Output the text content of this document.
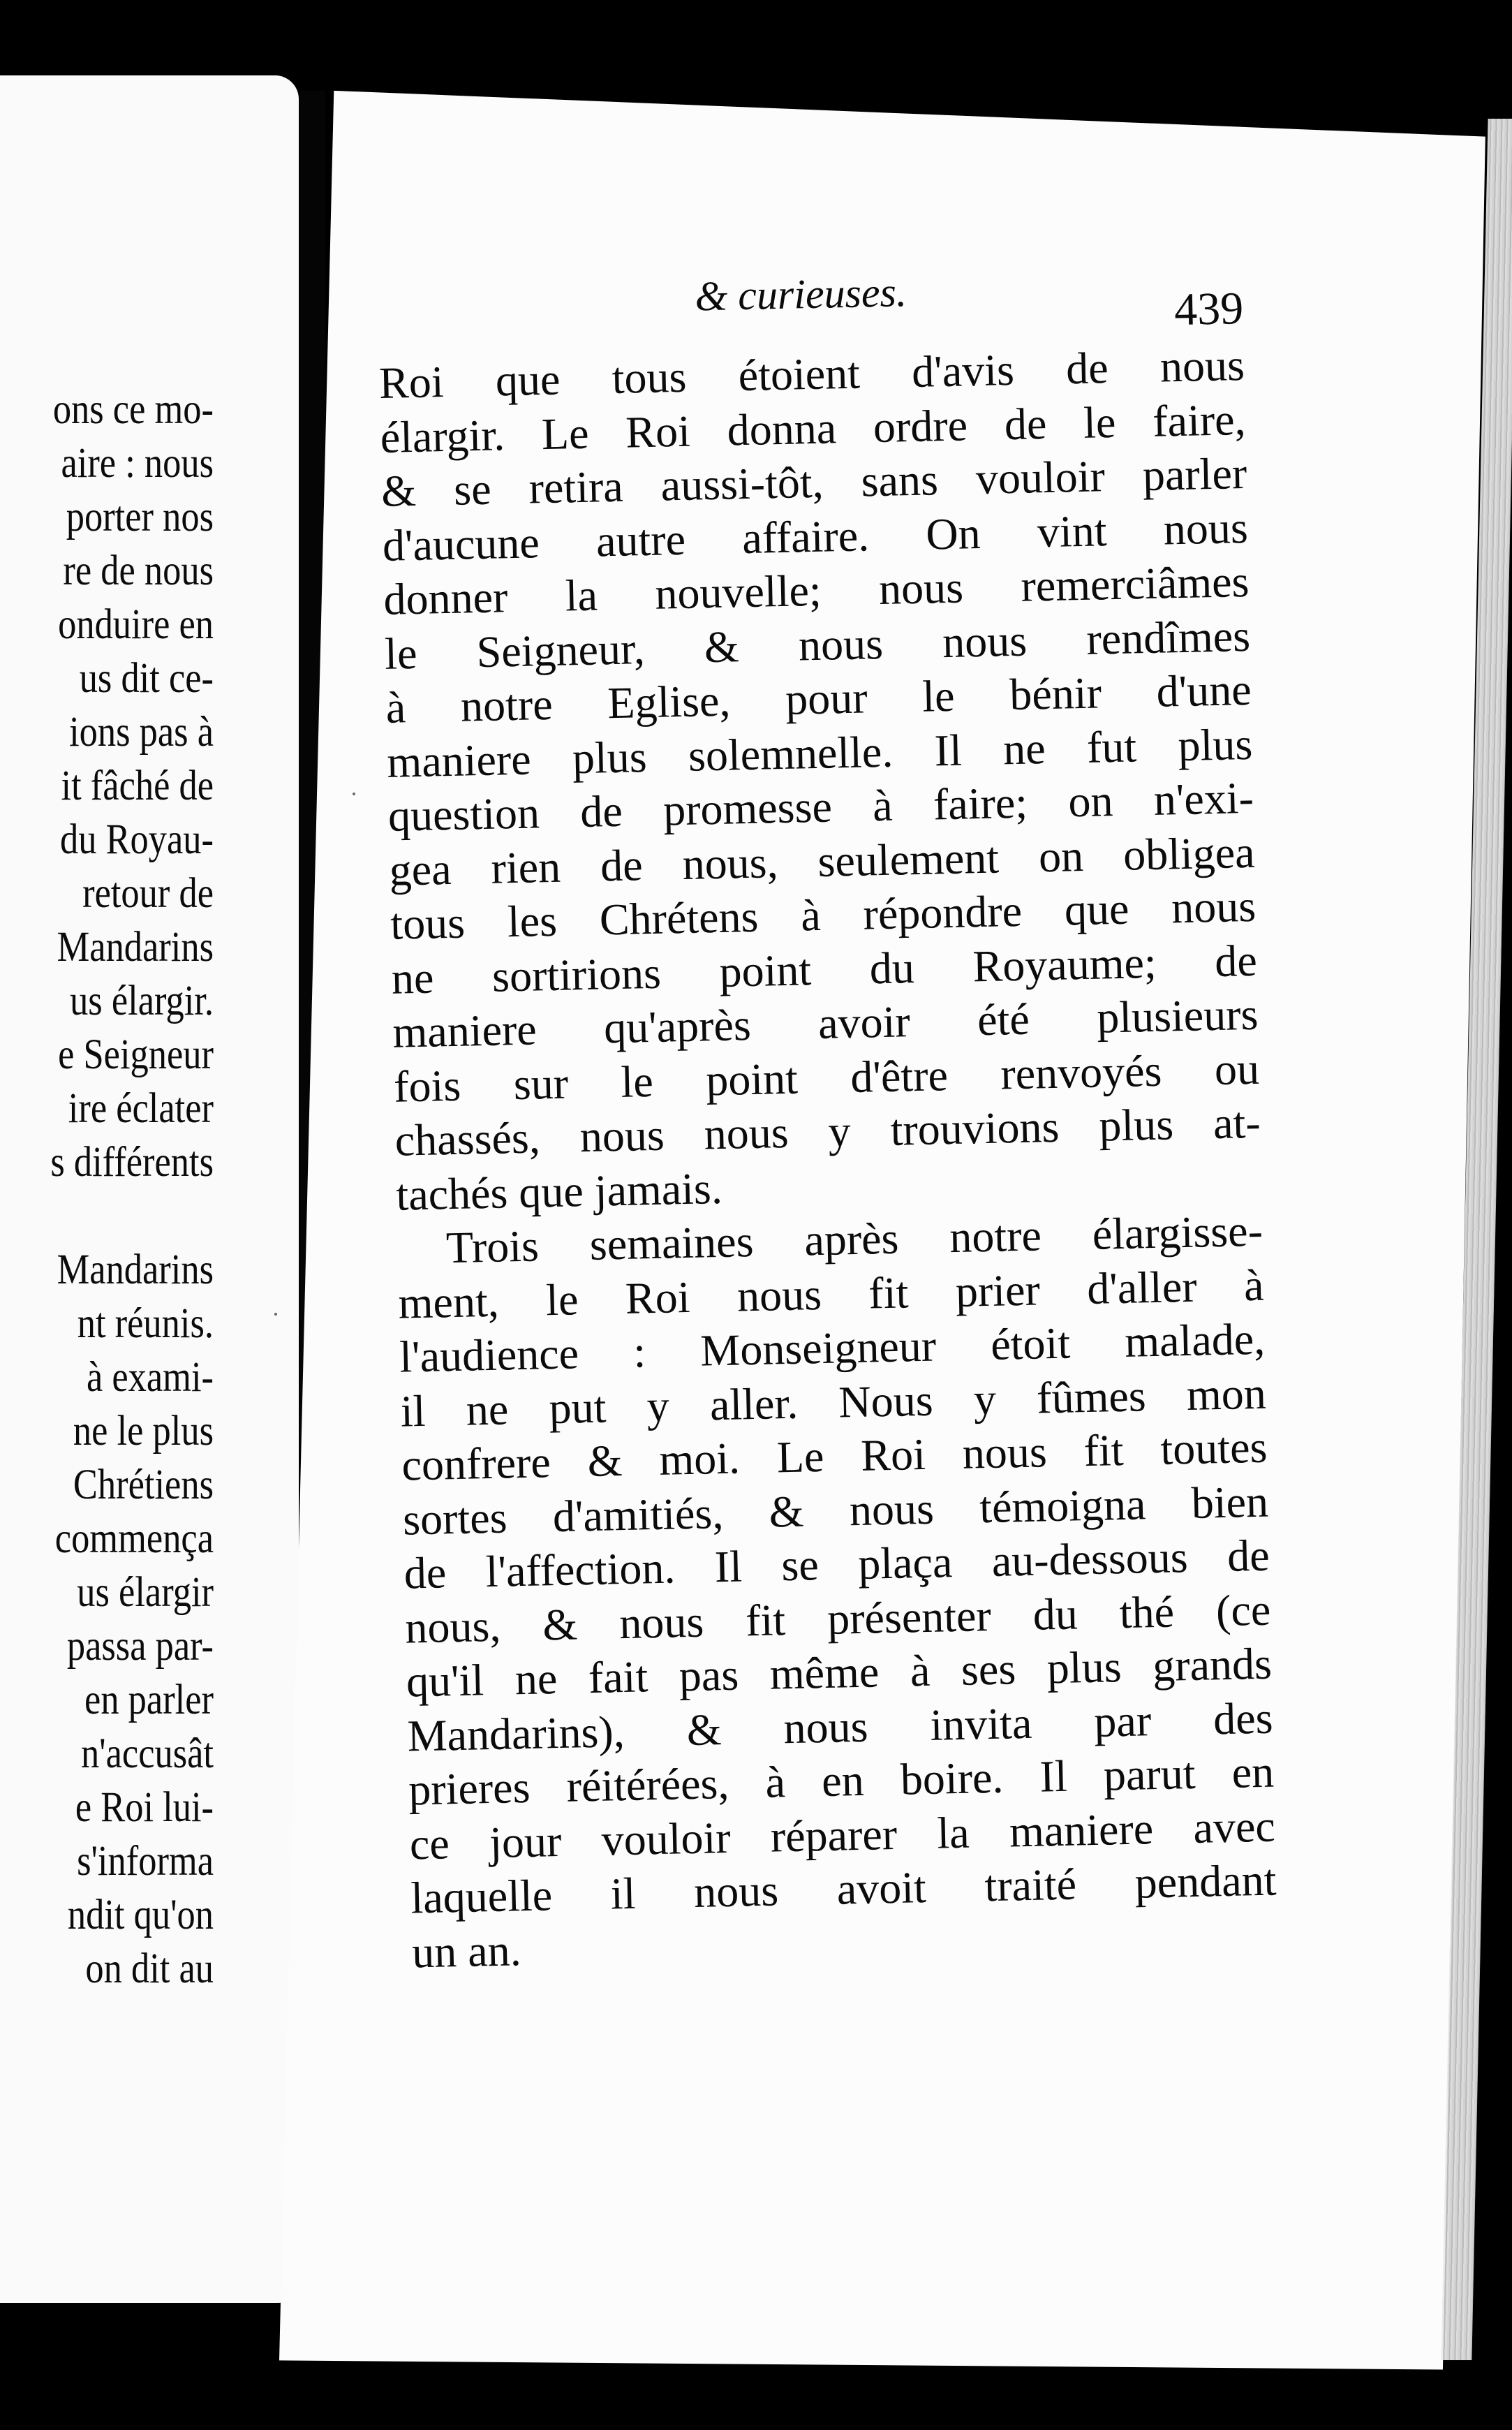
ons ce mo-
aire : nous
porter nos
re de nous
onduire en
us dit ce-
ions pas à
it fâché de
du Royau-
retour de
Mandarins
us élargir.
e Seigneur
ire éclater
s différents
Mandarins
nt réunis.
à exami-
ne le plus
Chrétiens
commença
us élargir
passa par-
en parler
n'accusât
e Roi lui-
s'informa
ndit qu'on
on dit au
& curieuses.	439
Roi que tous étoient d'avis de nous
élargir. Le Roi donna ordre de le faire,
& se retira aussi-tôt, sans vouloir parler
d'aucune autre affaire. On vint nous
donner la nouvelle; nous remerciâmes
le Seigneur, & nous nous rendîmes
à notre Eglise, pour le bénir d'une
maniere plus solemnelle. Il ne fut plus
question de promesse à faire; on n'exi-
gea rien de nous, seulement on obligea
tous les Chrétens à répondre que nous
ne sortirions point du Royaume; de
maniere qu'après avoir été plusieurs
fois sur le point d'être renvoyés ou
chassés, nous nous y trouvions plus at-
tachés que jamais.
Trois semaines après notre élargisse-
ment, le Roi nous fit prier d'aller à
l'audience : Monseigneur étoit malade,
il ne put y aller. Nous y fûmes mon
confrere & moi. Le Roi nous fit toutes
sortes d'amitiés, & nous témoigna bien
de l'affection. Il se plaça au-dessous de
nous, & nous fit présenter du thé (ce
qu'il ne fait pas même à ses plus grands
Mandarins), & nous invita par des
prieres réitérées, à en boire. Il parut en
ce jour vouloir réparer la maniere avec
laquelle il nous avoit traité pendant
un an.
